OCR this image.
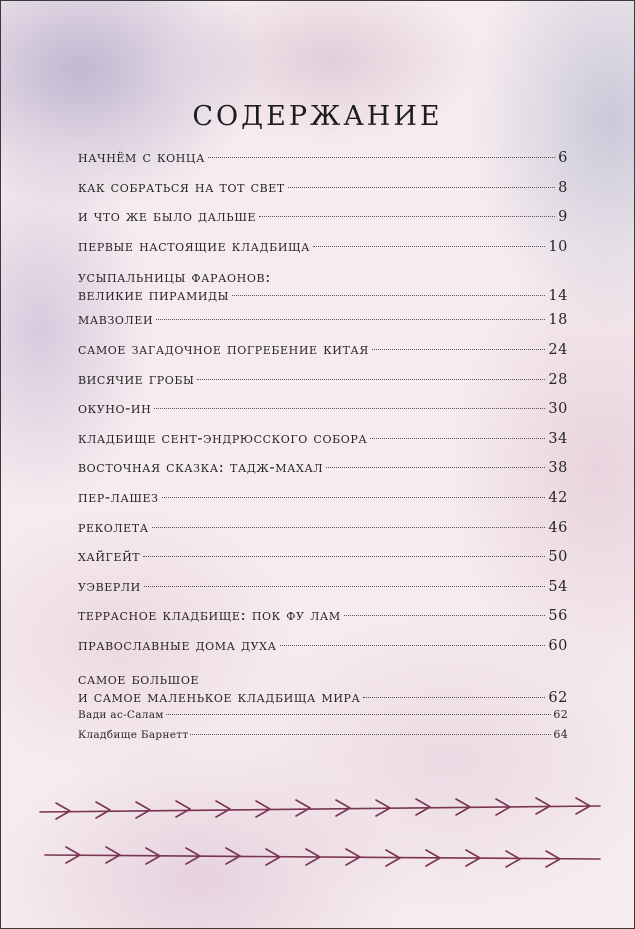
содержание
начнём с конца	6
как собраться на тот свет	8
и что же было дальше	9
первые настоящие кладбища	10
усыпальницы фараонов:
великие пирамиды	14
мавзолеи	18
самое загадочное погребение китая	24
висячие гробы	28
окуно-ин	30
кладбище сент-эндрюсского собора	34
восточная сказка: тадж-махал	38
пер-лашез	42
реколета	46
хайгейт	50
уэверли	54
террасное кладбище: пок фу лам	56
православные дома духа	60
самое большое
и самое маленькое кладбища мира	62
Вади ас-Салам	62
Кладбище Барнетт	64
